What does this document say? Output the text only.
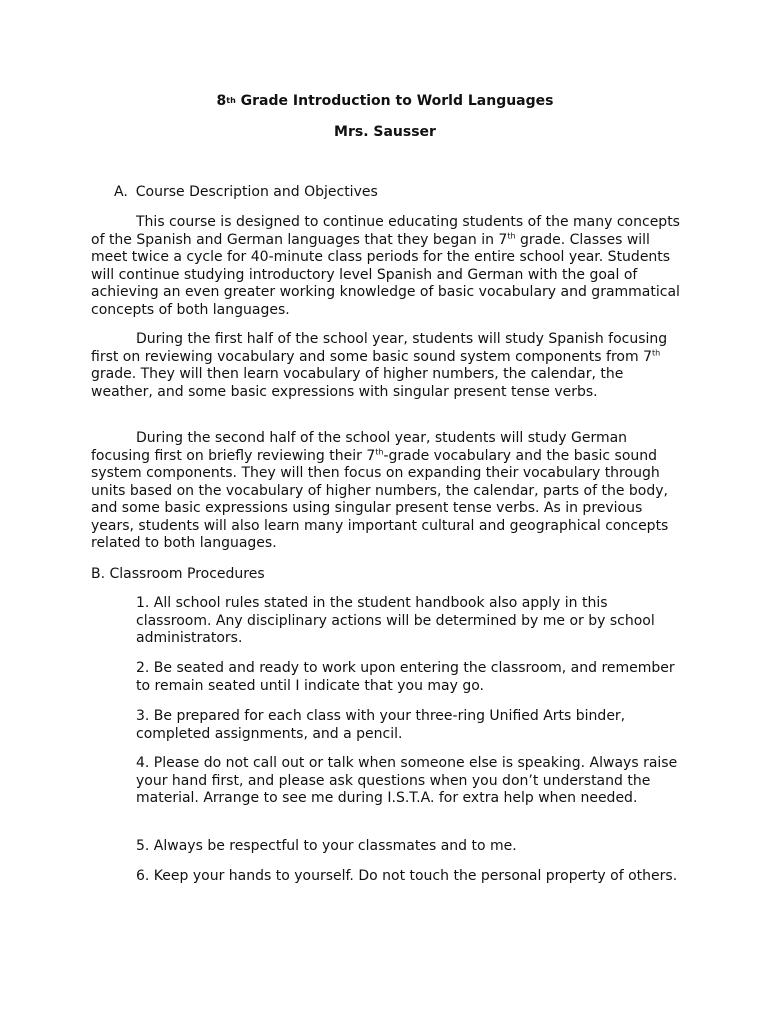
8th Grade Introduction to World Languages
Mrs. Sausser
A. Course Description and Objectives

This course is designed to continue educating students of the many concepts of the Spanish and German languages that they began in 7th grade. Classes will meet twice a cycle for 40-minute class periods for the entire school year. Students will continue studying introductory level Spanish and German with the goal of achieving an even greater working knowledge of basic vocabulary and grammatical concepts of both languages.

During the first half of the school year, students will study Spanish focusing first on reviewing vocabulary and some basic sound system components from 7th grade. They will then learn vocabulary of higher numbers, the calendar, the weather, and some basic expressions with singular present tense verbs.

During the second half of the school year, students will study German focusing first on briefly reviewing their 7th-grade vocabulary and the basic sound system components. They will then focus on expanding their vocabulary through units based on the vocabulary of higher numbers, the calendar, parts of the body, and some basic expressions using singular present tense verbs. As in previous years, students will also learn many important cultural and geographical concepts related to both languages.

B. Classroom Procedures
1. All school rules stated in the student handbook also apply in this classroom. Any disciplinary actions will be determined by me or by school administrators.
2. Be seated and ready to work upon entering the classroom, and remember to remain seated until I indicate that you may go.
3. Be prepared for each class with your three-ring Unified Arts binder, completed assignments, and a pencil.
4. Please do not call out or talk when someone else is speaking. Always raise your hand first, and please ask questions when you don’t understand the material. Arrange to see me during I.S.T.A. for extra help when needed.
5. Always be respectful to your classmates and to me.
6. Keep your hands to yourself. Do not touch the personal property of others.
